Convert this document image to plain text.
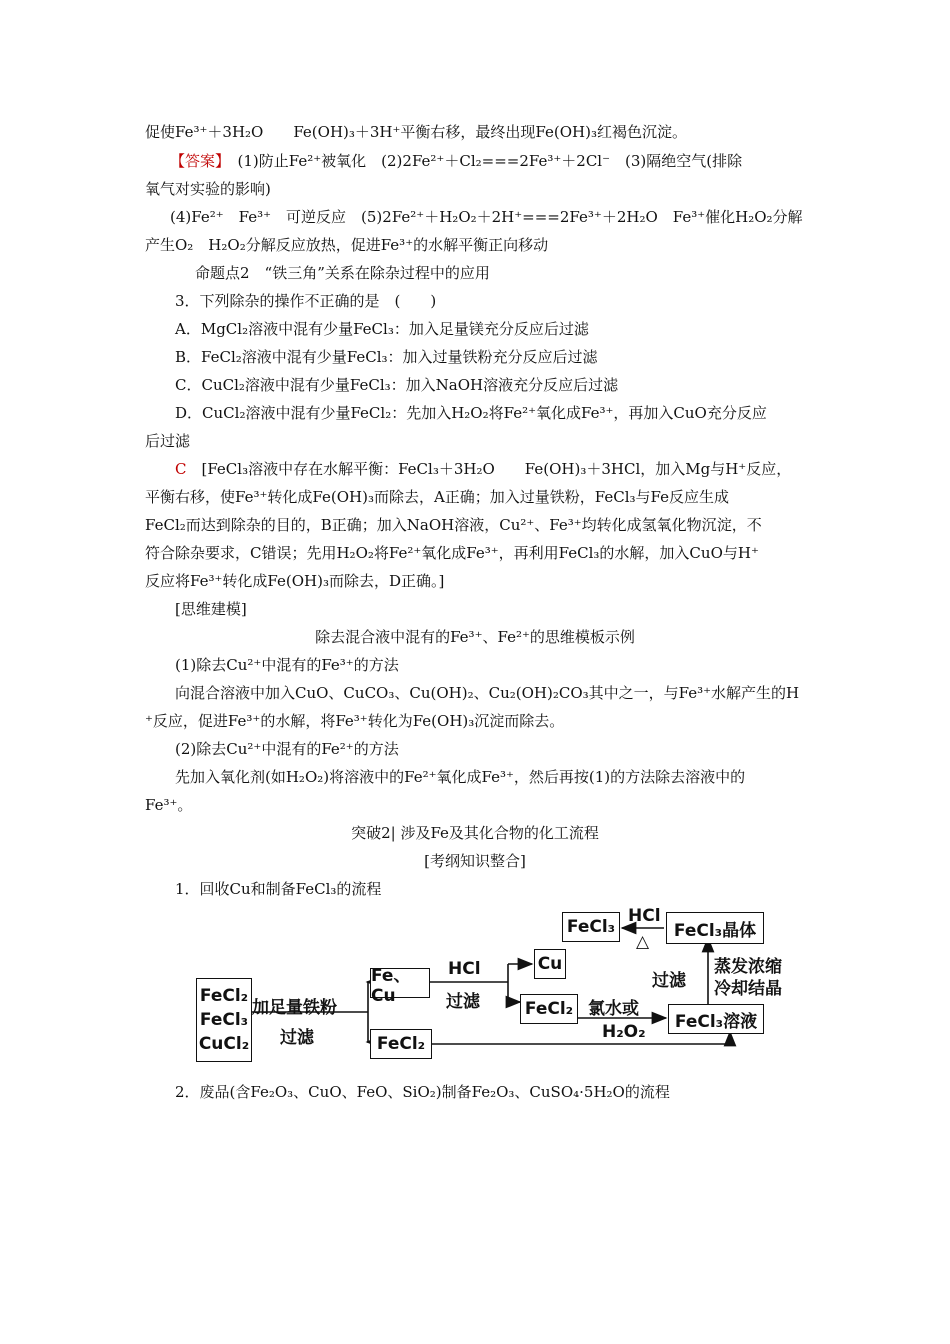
促使Fe³⁺＋3H₂O　　Fe(OH)₃＋3H⁺平衡右移，最终出现Fe(OH)₃红褐色沉淀。
【答案】　(1)防止Fe²⁺被氧化　(2)2Fe²⁺＋Cl₂===2Fe³⁺＋2Cl⁻　(3)隔绝空气(排除
氧气对实验的影响)
(4)Fe²⁺　Fe³⁺　可逆反应　(5)2Fe²⁺＋H₂O₂＋2H⁺===2Fe³⁺＋2H₂O　Fe³⁺催化H₂O₂分解
产生O₂　H₂O₂分解反应放热，促进Fe³⁺的水解平衡正向移动
命题点2　“铁三角”关系在除杂过程中的应用
3．下列除杂的操作不正确的是　(　　)
A．MgCl₂溶液中混有少量FeCl₃：加入足量镁充分反应后过滤
B．FeCl₂溶液中混有少量FeCl₃：加入过量铁粉充分反应后过滤
C．CuCl₂溶液中混有少量FeCl₃：加入NaOH溶液充分反应后过滤
D．CuCl₂溶液中混有少量FeCl₂：先加入H₂O₂将Fe²⁺氧化成Fe³⁺，再加入CuO充分反应
后过滤
C　[FeCl₃溶液中存在水解平衡：FeCl₃＋3H₂O　　Fe(OH)₃＋3HCl，加入Mg与H⁺反应，
平衡右移，使Fe³⁺转化成Fe(OH)₃而除去，A正确；加入过量铁粉，FeCl₃与Fe反应生成
FeCl₂而达到除杂的目的，B正确；加入NaOH溶液，Cu²⁺、Fe³⁺均转化成氢氧化物沉淀，不
符合除杂要求，C错误；先用H₂O₂将Fe²⁺氧化成Fe³⁺，再利用FeCl₃的水解，加入CuO与H⁺
反应将Fe³⁺转化成Fe(OH)₃而除去，D正确。]
[思维建模]
除去混合液中混有的Fe³⁺、Fe²⁺的思维模板示例
(1)除去Cu²⁺中混有的Fe³⁺的方法
向混合溶液中加入CuO、CuCO₃、Cu(OH)₂、Cu₂(OH)₂CO₃其中之一，与Fe³⁺水解产生的H
⁺反应，促进Fe³⁺的水解，将Fe³⁺转化为Fe(OH)₃沉淀而除去。
(2)除去Cu²⁺中混有的Fe²⁺的方法
先加入氧化剂(如H₂O₂)将溶液中的Fe²⁺氧化成Fe³⁺，然后再按(1)的方法除去溶液中的
Fe³⁺。
突破2| 涉及Fe及其化合物的化工流程
[考纲知识整合]
1．回收Cu和制备FeCl₃的流程
FeCl₂
FeCl₃
CuCl₂
加足量铁粉
过滤
Fe、Cu
FeCl₂
HCl
过滤
Cu
FeCl₂ 氯水或
H₂O₂
FeCl₃溶液
过滤
蒸发浓缩
冷却结晶
FeCl₃晶体
HCl
△
FeCl₃
2．废品(含Fe₂O₃、CuO、FeO、SiO₂)制备Fe₂O₃、CuSO₄·5H₂O的流程
